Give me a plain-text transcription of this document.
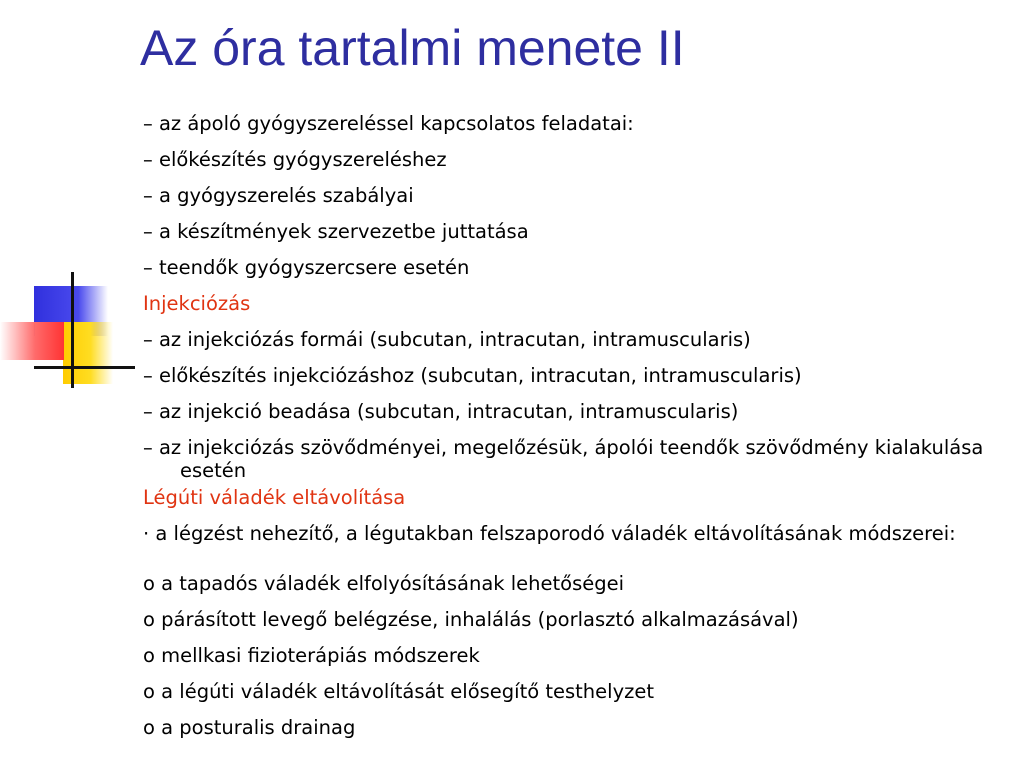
Az óra tartalmi menete II
– az ápoló gyógyszereléssel kapcsolatos feladatai:
– előkészítés gyógyszereléshez
– a gyógyszerelés szabályai
– a készítmények szervezetbe juttatása
– teendők gyógyszercsere esetén
Injekciózás
– az injekciózás formái (subcutan, intracutan, intramuscularis)
– előkészítés injekciózáshoz (subcutan, intracutan, intramuscularis)
– az injekció beadása (subcutan, intracutan, intramuscularis)
– az injekciózás szövődményei, megelőzésük, ápolói teendők szövődmény kialakulása esetén
Légúti váladék eltávolítása
· a légzést nehezítő, a légutakban felszaporodó váladék eltávolításának módszerei:
o a tapadós váladék elfolyósításának lehetőségei
o párásított levegő belégzése, inhalálás (porlasztó alkalmazásával)
o mellkasi fizioterápiás módszerek
o a légúti váladék eltávolítását elősegítő testhelyzet
o a posturalis drainag
